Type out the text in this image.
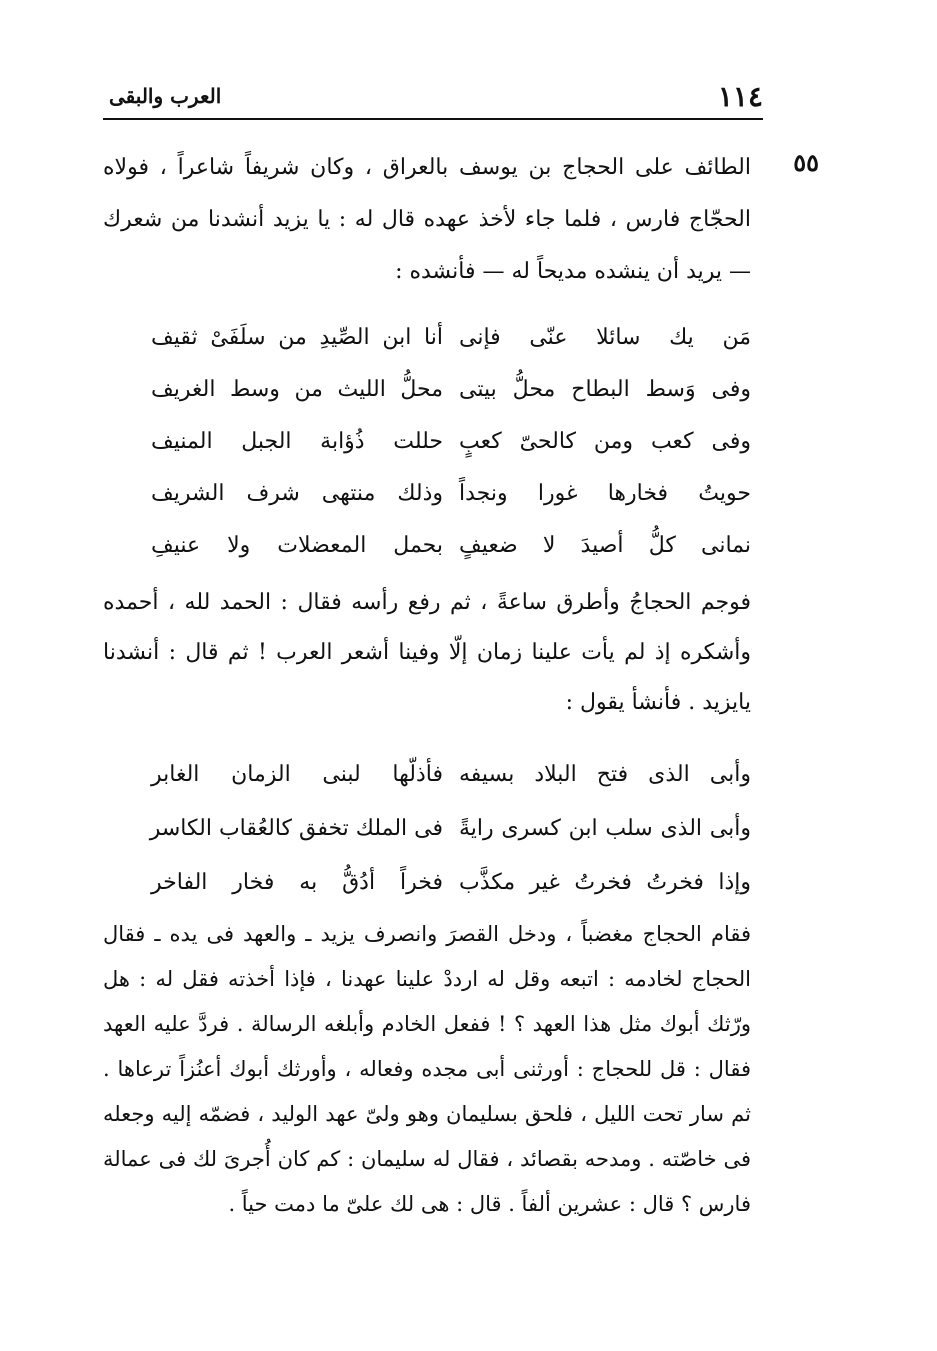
١١٤
العرب والبقى
٥٥
الطائف على الحجاج بن يوسف بالعراق ، وكان شريفاً شاعراً ، فولاه الحجّاج فارس ، فلما جاء لأخذ عهده قال له : يا يزيد أنشدنا من شعرك — يريد أن ينشده مديحاً له — فأنشده :
مَن يك سائلا عنّى فإنى
أنا ابن الصِّيدِ من سلَفَىْ ثقيف
وفى وَسط البطاح محلُّ بيتى
محلُّ الليث من وسط الغريف
وفى كعب ومن كالحىّ كعبٍ
حللت ذُؤابة الجبل المنيف
حويتُ فخارها غورا ونجداً
وذلك منتهى شرف الشريف
نمانى كلُّ أصيدَ لا ضعيفٍ
بحمل المعضلات ولا عنيفِ
فوجم الحجاجُ وأطرق ساعةً ، ثم رفع رأسه فقال : الحمد لله ، أحمده وأشكره إذ لم يأت علينا زمان إلّا وفينا أشعر العرب ! ثم قال : أنشدنا يايزيد . فأنشأ يقول :
وأبى الذى فتح البلاد بسيفه
فأذلّها لبنى الزمان الغابر
وأبى الذى سلب ابن كسرى رايةً
فى الملك تخفق كالعُقاب الكاسر
وإذا فخرتُ فخرتُ غير مكذَّب
فخراً أدُقُّ به فخار الفاخر
فقام الحجاج مغضباً ، ودخل القصرَ وانصرف يزيد ـ والعهد فى يده ـ فقال الحجاج لخادمه : اتبعه وقل له ارددْ علينا عهدنا ، فإذا أخذته فقل له : هل ورّثك أبوك مثل هذا العهد ؟ ! ففعل الخادم وأبلغه الرسالة . فردَّ عليه العهد فقال : قل للحجاج : أورثنى أبى مجده وفعاله ، وأورثك أبوك أعنُزاً ترعاها . ثم سار تحت الليل ، فلحق بسليمان وهو ولىّ عهد الوليد ، فضمّه إليه وجعله فى خاصّته . ومدحه بقصائد ، فقال له سليمان : كم كان أُجرىَ لك فى عمالة فارس ؟ قال : عشرين ألفاً . قال : هى لك علىّ ما دمت حياً .
